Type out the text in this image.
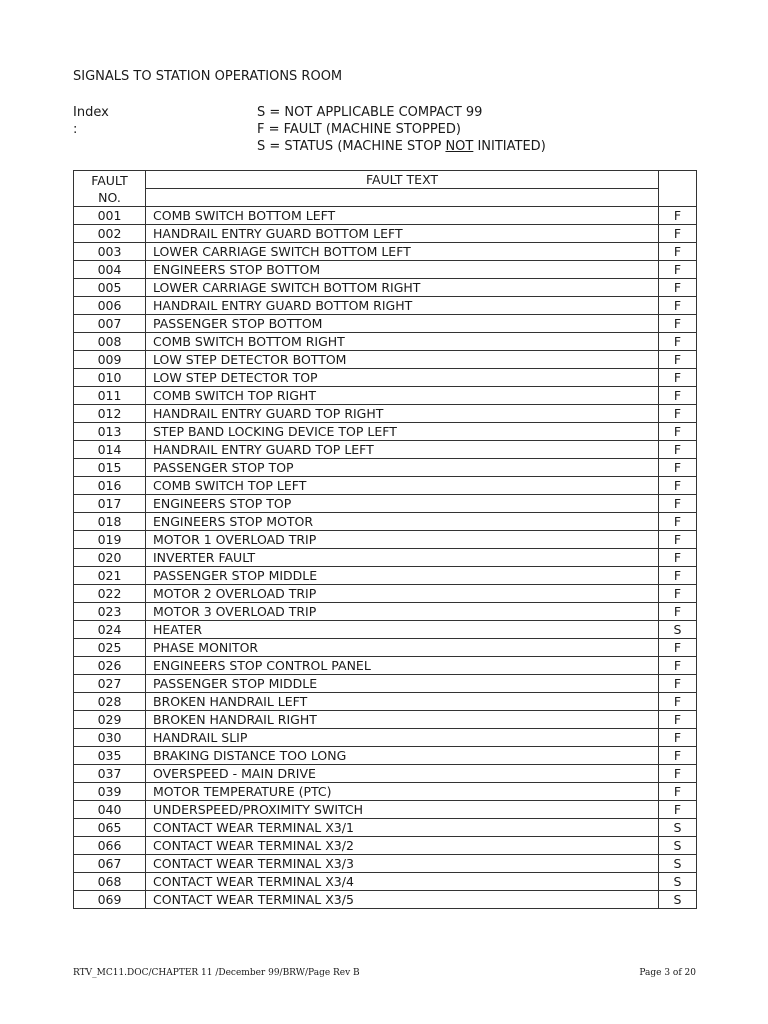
SIGNALS TO STATION OPERATIONS ROOM
Index :
S = NOT APPLICABLE COMPACT 99
F = FAULT (MACHINE STOPPED)
S = STATUS (MACHINE STOP NOT INITIATED)
FAULT
NO.	FAULT TEXT	

001	COMB SWITCH BOTTOM LEFT	F
002	HANDRAIL ENTRY GUARD BOTTOM LEFT	F
003	LOWER CARRIAGE SWITCH BOTTOM LEFT	F
004	ENGINEERS STOP BOTTOM	F
005	LOWER CARRIAGE SWITCH BOTTOM RIGHT	F
006	HANDRAIL ENTRY GUARD BOTTOM RIGHT	F
007	PASSENGER STOP BOTTOM	F
008	COMB SWITCH BOTTOM RIGHT	F
009	LOW STEP DETECTOR BOTTOM	F
010	LOW STEP DETECTOR TOP	F
011	COMB SWITCH TOP RIGHT	F
012	HANDRAIL ENTRY GUARD TOP RIGHT	F
013	STEP BAND LOCKING DEVICE TOP LEFT	F
014	HANDRAIL ENTRY GUARD TOP LEFT	F
015	PASSENGER STOP TOP	F
016	COMB SWITCH TOP LEFT	F
017	ENGINEERS STOP TOP	F
018	ENGINEERS STOP MOTOR	F
019	MOTOR 1 OVERLOAD TRIP	F
020	INVERTER FAULT	F
021	PASSENGER STOP MIDDLE	F
022	MOTOR 2 OVERLOAD TRIP	F
023	MOTOR 3 OVERLOAD TRIP	F
024	HEATER	S
025	PHASE MONITOR	F
026	ENGINEERS STOP CONTROL PANEL	F
027	PASSENGER STOP MIDDLE	F
028	BROKEN HANDRAIL LEFT	F
029	BROKEN HANDRAIL RIGHT	F
030	HANDRAIL SLIP	F
035	BRAKING DISTANCE TOO LONG	F
037	OVERSPEED - MAIN DRIVE	F
039	MOTOR TEMPERATURE (PTC)	F
040	UNDERSPEED/PROXIMITY SWITCH	F
065	CONTACT WEAR TERMINAL X3/1	S
066	CONTACT WEAR TERMINAL X3/2	S
067	CONTACT WEAR TERMINAL X3/3	S
068	CONTACT WEAR TERMINAL X3/4	S
069	CONTACT WEAR TERMINAL X3/5	S
RTV_MC11.DOC/CHAPTER 11 /December 99/BRW/Page Rev B	Page 3 of 20
